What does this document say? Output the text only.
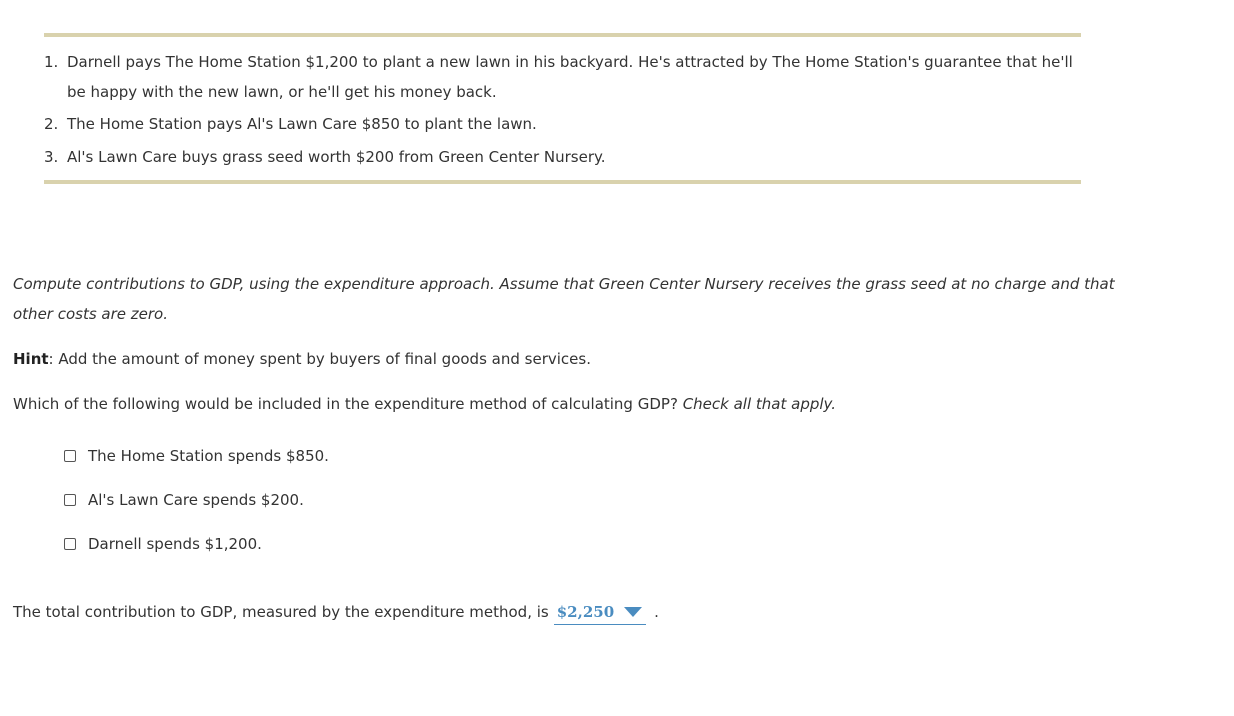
1. Darnell pays The Home Station $1,200 to plant a new lawn in his backyard. He's attracted by The Home Station's guarantee that he'll
be happy with the new lawn, or he'll get his money back.
2. The Home Station pays Al's Lawn Care $850 to plant the lawn.
3. Al's Lawn Care buys grass seed worth $200 from Green Center Nursery.
Compute contributions to GDP, using the expenditure approach. Assume that Green Center Nursery receives the grass seed at no charge and that
other costs are zero.
Hint: Add the amount of money spent by buyers of final goods and services.
Which of the following would be included in the expenditure method of calculating GDP? Check all that apply.
The Home Station spends $850.
Al's Lawn Care spends $200.
Darnell spends $1,200.
The total contribution to GDP, measured by the expenditure method, is $2,250	.
